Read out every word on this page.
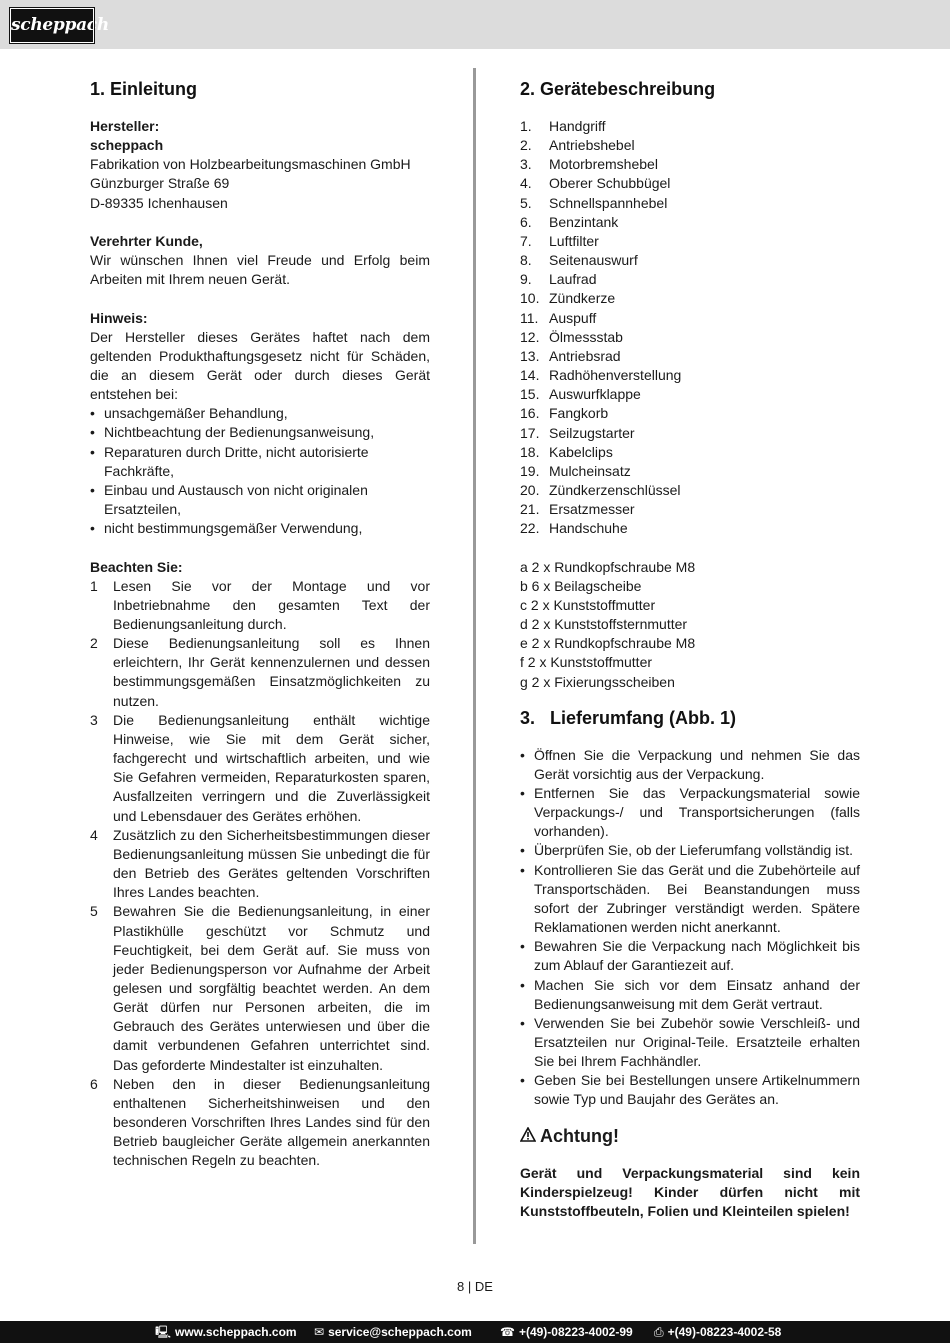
scheppach
1. Einleitung

Hersteller:

scheppach

Fabrikation von Holzbearbeitungsmaschinen GmbH

Günzburger Straße 69

D-89335 Ichenhausen

Verehrter Kunde,

Wir wünschen Ihnen viel Freude und Erfolg beim Arbeiten mit Ihrem neuen Gerät.

Hinweis:

Der Hersteller dieses Gerätes haftet nach dem geltenden Produkthaftungsgesetz nicht für Schäden, die an diesem Gerät oder durch dieses Gerät entstehen bei:

• unsachgemäßer Behandlung,
• Nichtbeachtung der Bedienungsanweisung,
• Reparaturen durch Dritte, nicht autorisierte Fachkräfte,
• Einbau und Austausch von nicht originalen Ersatzteilen,
• nicht bestimmungsgemäßer Verwendung,

Beachten Sie:

1 Lesen Sie vor der Montage und vor Inbetriebnahme den gesamten Text der Bedienungsanleitung durch.
2 Diese Bedienungsanleitung soll es Ihnen erleichtern, Ihr Gerät kennenzulernen und dessen bestimmungsgemäßen Einsatzmöglichkeiten zu nutzen.
3 Die Bedienungsanleitung enthält wichtige Hinweise, wie Sie mit dem Gerät sicher, fachgerecht und wirtschaftlich arbeiten, und wie Sie Gefahren vermeiden, Reparaturkosten sparen, Ausfallzeiten verringern und die Zuverlässigkeit und Lebensdauer des Gerätes erhöhen.
4 Zusätzlich zu den Sicherheitsbestimmungen dieser Bedienungsanleitung müssen Sie unbedingt die für den Betrieb des Gerätes geltenden Vorschriften Ihres Landes beachten.
5 Bewahren Sie die Bedienungsanleitung, in einer Plastikhülle geschützt vor Schmutz und Feuchtigkeit, bei dem Gerät auf. Sie muss von jeder Bedienungsperson vor Aufnahme der Arbeit gelesen und sorgfältig beachtet werden. An dem Gerät dürfen nur Personen arbeiten, die im Gebrauch des Gerätes unterwiesen und über die damit verbundenen Gefahren unterrichtet sind. Das geforderte Mindestalter ist einzuhalten.
6 Neben den in dieser Bedienungsanleitung enthaltenen Sicherheitshinweisen und den besonderen Vorschriften Ihres Landes sind für den Betrieb baugleicher Geräte allgemein anerkannten technischen Regeln zu beachten.
2. Gerätebeschreibung
1. Handgriff
2. Antriebshebel
3. Motorbremshebel
4. Oberer Schubbügel
5. Schnellspannhebel
6. Benzintank
7. Luftfilter
8. Seitenauswurf
9. Laufrad
10. Zündkerze
11. Auspuff
12. Ölmessstab
13. Antriebsrad
14. Radhöhenverstellung
15. Auswurfklappe
16. Fangkorb
17. Seilzugstarter
18. Kabelclips
19. Mulcheinsatz
20. Zündkerzenschlüssel
21. Ersatzmesser
22. Handschuhe
a 2 x Rundkopfschraube M8
b 6 x Beilagscheibe
c 2 x Kunststoffmutter
d 2 x Kunststoffsternmutter
e 2 x Rundkopfschraube M8
f 2 x Kunststoffmutter
g 2 x Fixierungsscheiben
3.   Lieferumfang (Abb. 1)
• Öffnen Sie die Verpackung und nehmen Sie das Gerät vorsichtig aus der Verpackung.
• Entfernen Sie das Verpackungsmaterial sowie Verpackungs-/ und Transportsicherungen (falls vorhanden).
• Überprüfen Sie, ob der Lieferumfang vollständig ist.
• Kontrollieren Sie das Gerät und die Zubehörteile auf Transportschäden. Bei Beanstandungen muss sofort der Zubringer verständigt werden. Spätere Reklamationen werden nicht anerkannt.
• Bewahren Sie die Verpackung nach Möglichkeit bis zum Ablauf der Garantiezeit auf.
• Machen Sie sich vor dem Einsatz anhand der Bedienungsanweisung mit dem Gerät vertraut.
• Verwenden Sie bei Zubehör sowie Verschleiß- und Ersatzteilen nur Original-Teile. Ersatzteile erhalten Sie bei Ihrem Fachhändler.
• Geben Sie bei Bestellungen unsere Artikelnummern sowie Typ und Baujahr des Gerätes an.
Achtung!

Gerät und Verpackungsmaterial sind kein Kinderspielzeug! Kinder dürfen nicht mit Kunststoffbeuteln, Folien und Kleinteilen spielen!

8 | DE
🖳 www.scheppach.com ✉ service@scheppach.com ☎ +(49)-08223-4002-99 ⎙ +(49)-08223-4002-58
